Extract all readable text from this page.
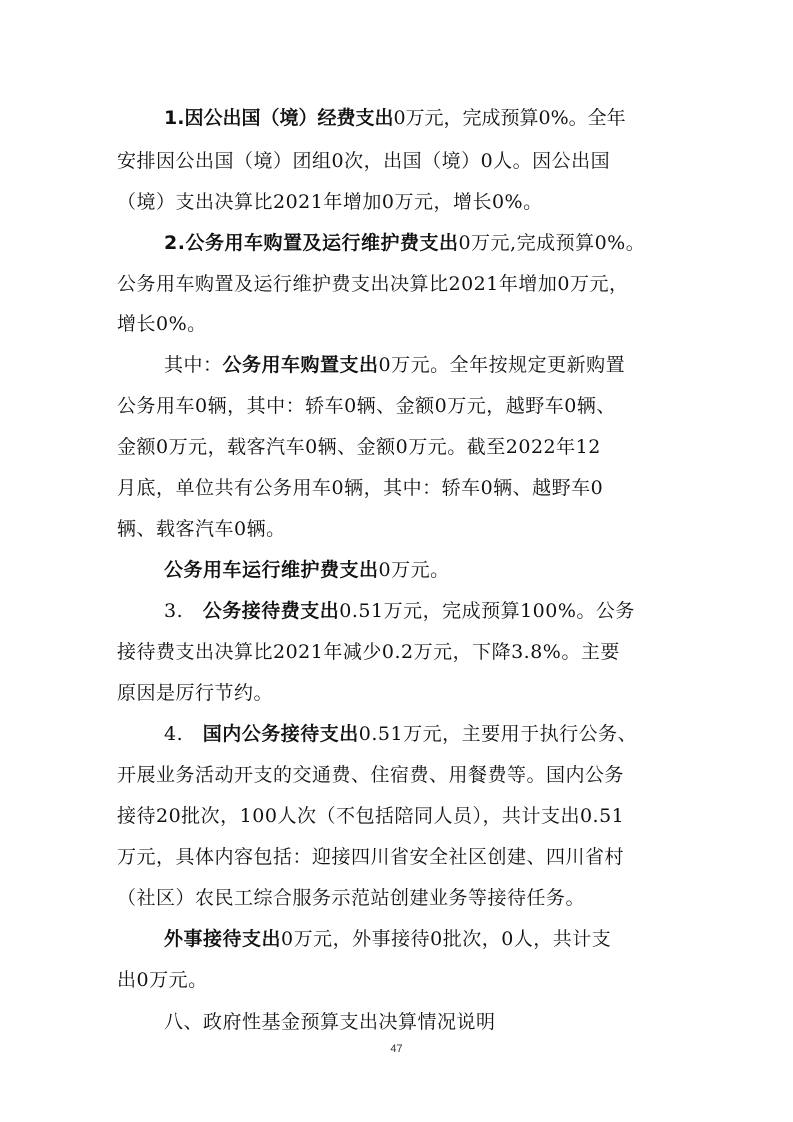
1.因公出国（境）经费支出0万元，完成预算0%。全年
安排因公出国（境）团组0次，出国（境）0人。因公出国
（境）支出决算比2021年增加0万元，增长0%。
2.公务用车购置及运行维护费支出0万元,完成预算0%。
公务用车购置及运行维护费支出决算比2021年增加0万元，
增长0%。
其中：公务用车购置支出0万元。全年按规定更新购置
公务用车0辆，其中：轿车0辆、金额0万元，越野车0辆、
金额0万元，载客汽车0辆、金额0万元。截至2022年12
月底，单位共有公务用车0辆，其中：轿车0辆、越野车0
辆、载客汽车0辆。
公务用车运行维护费支出0万元。
3. 公务接待费支出0.51万元，完成预算100%。公务
接待费支出决算比2021年减少0.2万元，下降3.8%。主要
原因是厉行节约。
4. 国内公务接待支出0.51万元，主要用于执行公务、
开展业务活动开支的交通费、住宿费、用餐费等。国内公务
接待20批次，100人次（不包括陪同人员），共计支出0.51
万元，具体内容包括：迎接四川省安全社区创建、四川省村
（社区）农民工综合服务示范站创建业务等接待任务。
外事接待支出0万元，外事接待0批次，0人，共计支
出0万元。
八、政府性基金预算支出决算情况说明
47
